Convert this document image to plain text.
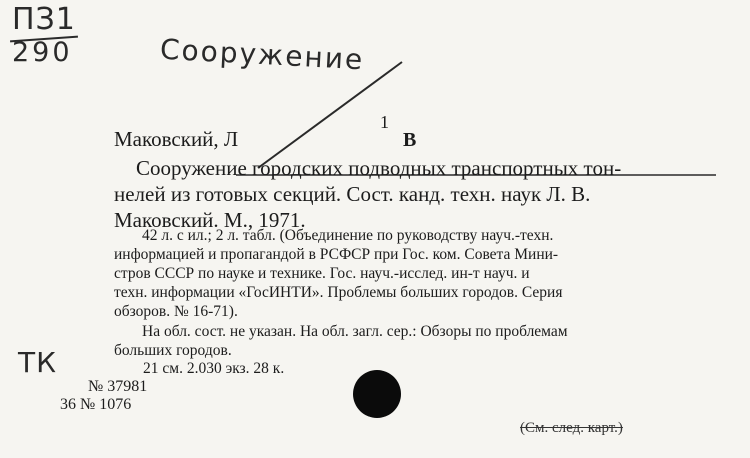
ПЗ1
290	Сооружение
Маковский, Л
1
В
Сооружение городских подводных транспортных тон-
нелей из готовых секций. Сост. канд. техн. наук Л. В.
Маковский. М., 1971.
42 л. с ил.; 2 л. табл. (Объединение по руководству науч.-техн.
информацией и пропагандой в РСФСР при Гос. ком. Совета Мини-
стров СССР по науке и технике. Гос. науч.-исслед. ин-т науч. и
техн. информации «ГосИНТИ». Проблемы больших городов. Серия
обзоров. № 16-71).
На обл. сост. не указан. На обл. загл. сер.: Обзоры по проблемам
больших городов.
21 см. 2.030 экз. 28 к.
ТК
№ 37981
36 № 1076
(См. след. карт.)
